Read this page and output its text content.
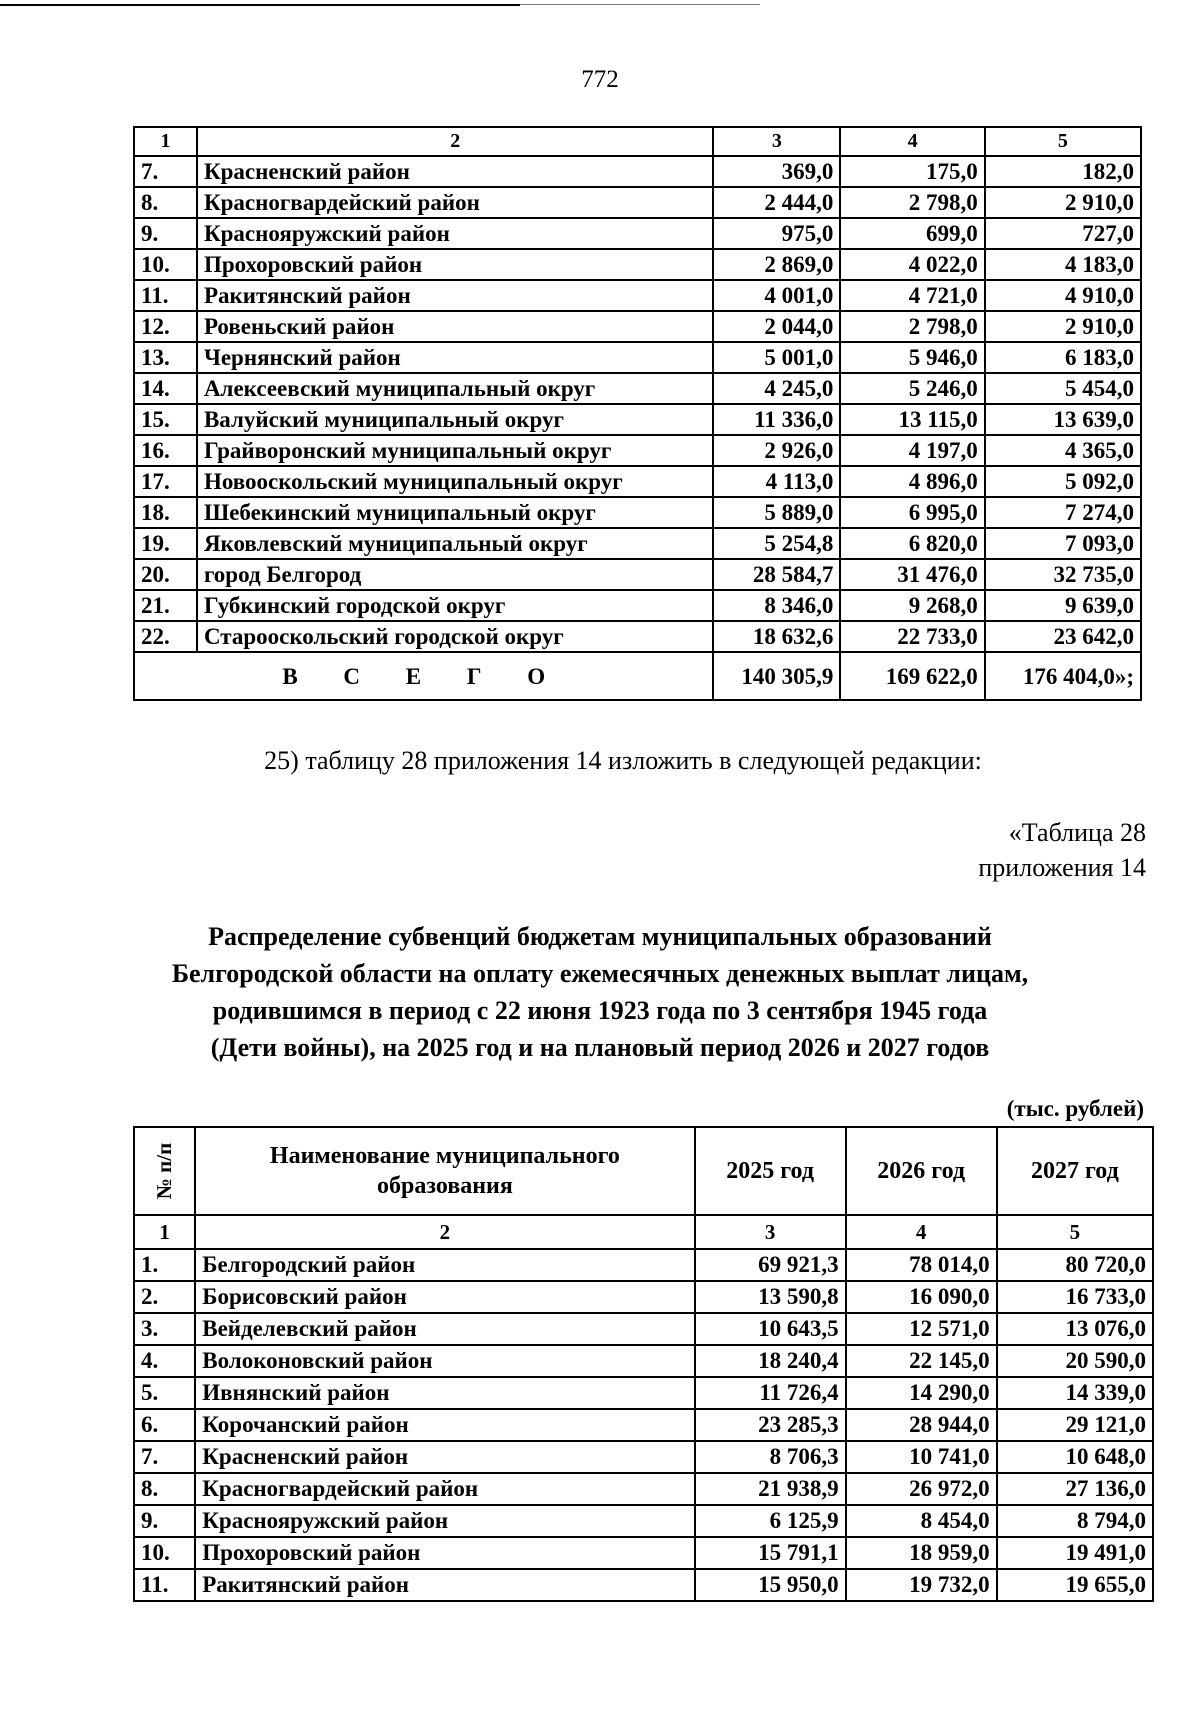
772
1	2	3	4	5
7.	Красненский район	369,0	175,0	182,0
8.	Красногвардейский район	2 444,0	2 798,0	2 910,0
9.	Краснояружский район	975,0	699,0	727,0
10.	Прохоровский район	2 869,0	4 022,0	4 183,0
11.	Ракитянский район	4 001,0	4 721,0	4 910,0
12.	Ровеньский район	2 044,0	2 798,0	2 910,0
13.	Чернянский район	5 001,0	5 946,0	6 183,0
14.	Алексеевский муниципальный округ	4 245,0	5 246,0	5 454,0
15.	Валуйский муниципальный округ	11 336,0	13 115,0	13 639,0
16.	Грайворонский муниципальный округ	2 926,0	4 197,0	4 365,0
17.	Новооскольский муниципальный округ	4 113,0	4 896,0	5 092,0
18.	Шебекинский муниципальный округ	5 889,0	6 995,0	7 274,0
19.	Яковлевский муниципальный округ	5 254,8	6 820,0	7 093,0
20.	город Белгород	28 584,7	31 476,0	32 735,0
21.	Губкинский городской округ	8 346,0	9 268,0	9 639,0
22.	Старооскольский городской округ	18 632,6	22 733,0	23 642,0
В С Е Г О		140 305,9	169 622,0	176 404,0»;
25) таблицу 28 приложения 14 изложить в следующей редакции:
«Таблица 28
приложения 14
Распределение субвенций бюджетам муниципальных образований
Белгородской области на оплату ежемесячных денежных выплат лицам,
родившимся в период с 22 июня 1923 года по 3 сентября 1945 года
(Дети войны), на 2025 год и на плановый период 2026 и 2027 годов
(тыс. рублей)
№ п/п	Наименование муниципального образования	2025 год	2026 год	2027 год
1	2	3	4	5
1.	Белгородский район	69 921,3	78 014,0	80 720,0
2.	Борисовский район	13 590,8	16 090,0	16 733,0
3.	Вейделевский район	10 643,5	12 571,0	13 076,0
4.	Волоконовский район	18 240,4	22 145,0	20 590,0
5.	Ивнянский район	11 726,4	14 290,0	14 339,0
6.	Корочанский район	23 285,3	28 944,0	29 121,0
7.	Красненский район	8 706,3	10 741,0	10 648,0
8.	Красногвардейский район	21 938,9	26 972,0	27 136,0
9.	Краснояружский район	6 125,9	8 454,0	8 794,0
10.	Прохоровский район	15 791,1	18 959,0	19 491,0
11.	Ракитянский район	15 950,0	19 732,0	19 655,0
